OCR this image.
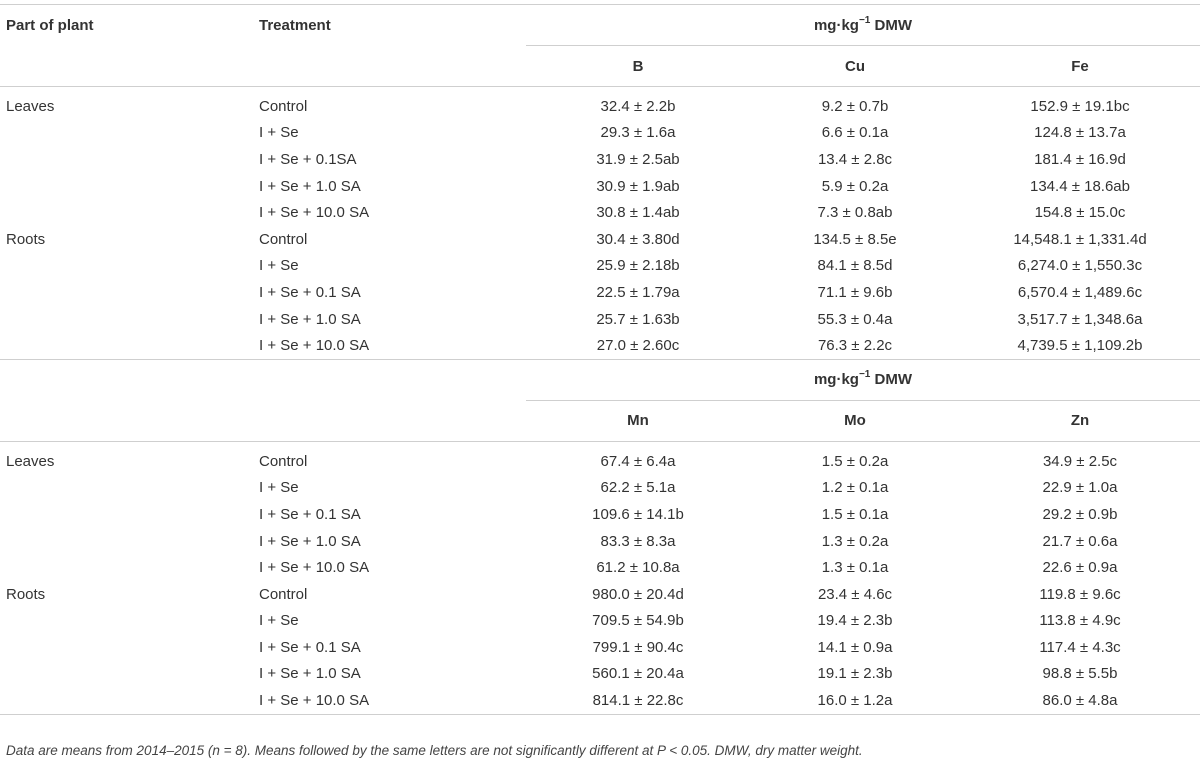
Part of plant	Treatment	$mg\cdot kg^{-1}$ DMW		
		B	Cu	Fe
Leaves	Control	32.4 ± 2.2b	9.2 ± 0.7b	152.9 ± 19.1bc
	I + Se	29.3 ± 1.6a	6.6 ± 0.1a	124.8 ± 13.7a
	I + Se + 0.1SA	31.9 ± 2.5ab	13.4 ± 2.8c	181.4 ± 16.9d
	I + Se + 1.0 SA	30.9 ± 1.9ab	5.9 ± 0.2a	134.4 ± 18.6ab
	I + Se + 10.0 SA	30.8 ± 1.4ab	7.3 ± 0.8ab	154.8 ± 15.0c
Roots	Control	30.4 ± 3.80d	134.5 ± 8.5e	14,548.1 ± 1,331.4d
	I + Se	25.9 ± 2.18b	84.1 ± 8.5d	6,274.0 ± 1,550.3c
	I + Se + 0.1 SA	22.5 ± 1.79a	71.1 ± 9.6b	6,570.4 ± 1,489.6c
	I + Se + 1.0 SA	25.7 ± 1.63b	55.3 ± 0.4a	3,517.7 ± 1,348.6a
	I + Se + 10.0 SA	27.0 ± 2.60c	76.3 ± 2.2c	4,739.5 ± 1,109.2b
		$mg\cdot kg^{-1}$ DMW		
		Mn	Mo	Zn
Leaves	Control	67.4 ± 6.4a	1.5 ± 0.2a	34.9 ± 2.5c
	I + Se	62.2 ± 5.1a	1.2 ± 0.1a	22.9 ± 1.0a
	I + Se + 0.1 SA	109.6 ± 14.1b	1.5 ± 0.1a	29.2 ± 0.9b
	I + Se + 1.0 SA	83.3 ± 8.3a	1.3 ± 0.2a	21.7 ± 0.6a
	I + Se + 10.0 SA	61.2 ± 10.8a	1.3 ± 0.1a	22.6 ± 0.9a
Roots	Control	980.0 ± 20.4d	23.4 ± 4.6c	119.8 ± 9.6c
	I + Se	709.5 ± 54.9b	19.4 ± 2.3b	113.8 ± 4.9c
	I + Se + 0.1 SA	799.1 ± 90.4c	14.1 ± 0.9a	117.4 ± 4.3c
	I + Se + 1.0 SA	560.1 ± 20.4a	19.1 ± 2.3b	98.8 ± 5.5b
	I + Se + 10.0 SA	814.1 ± 22.8c	16.0 ± 1.2a	86.0 ± 4.8a
Data are means from 2014–2015 (n = 8). Means followed by the same letters are not significantly different at P < 0.05. DMW, dry matter weight.
